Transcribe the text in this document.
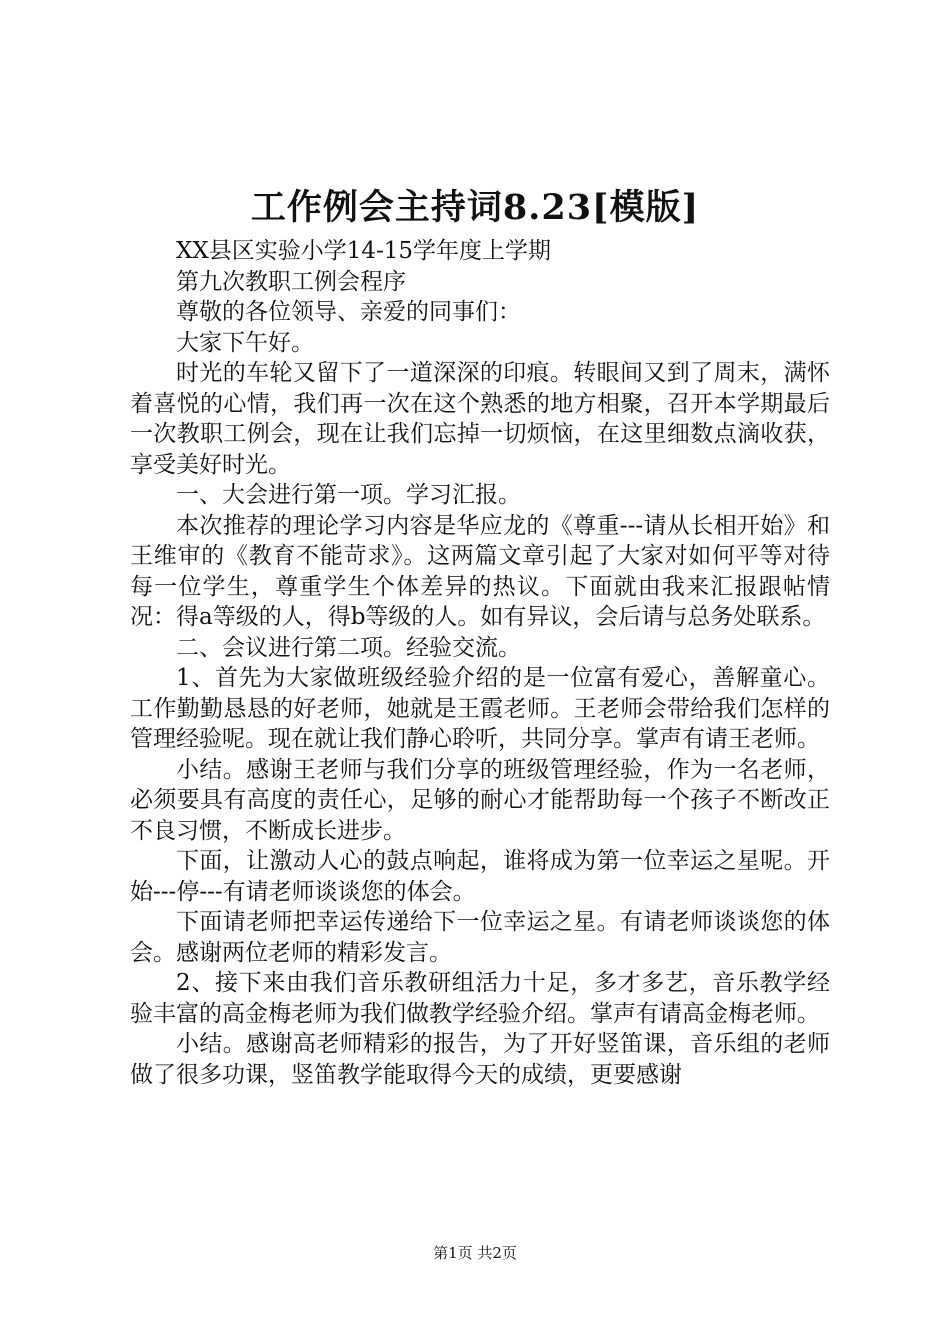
工作例会主持词8.23[模版]

XX县区实验小学14-15学年度上学期

第九次教职工例会程序

尊敬的各位领导、亲爱的同事们：

大家下午好。

时光的车轮又留下了一道深深的印痕。转眼间又到了周末，满怀着喜悦的心情，我们再一次在这个熟悉的地方相聚，召开本学期最后一次教职工例会，现在让我们忘掉一切烦恼，在这里细数点滴收获，享受美好时光。

一、大会进行第一项。学习汇报。

本次推荐的理论学习内容是华应龙的《尊重---请从长相开始》和王维审的《教育不能苛求》。这两篇文章引起了大家对如何平等对待每一位学生，尊重学生个体差异的热议。下面就由我来汇报跟帖情况：得a等级的人，得b等级的人。如有异议，会后请与总务处联系。

二、会议进行第二项。经验交流。

1、首先为大家做班级经验介绍的是一位富有爱心，善解童心。工作勤勤恳恳的好老师，她就是王霞老师。王老师会带给我们怎样的管理经验呢。现在就让我们静心聆听，共同分享。掌声有请王老师。

小结。感谢王老师与我们分享的班级管理经验，作为一名老师，必须要具有高度的责任心，足够的耐心才能帮助每一个孩子不断改正不良习惯，不断成长进步。

下面，让激动人心的鼓点响起，谁将成为第一位幸运之星呢。开始---停---有请老师谈谈您的体会。

下面请老师把幸运传递给下一位幸运之星。有请老师谈谈您的体会。感谢两位老师的精彩发言。

2、接下来由我们音乐教研组活力十足，多才多艺，音乐教学经验丰富的高金梅老师为我们做教学经验介绍。掌声有请高金梅老师。

小结。感谢高老师精彩的报告，为了开好竖笛课，音乐组的老师做了很多功课，竖笛教学能取得今天的成绩，更要感谢

第1页 共2页
